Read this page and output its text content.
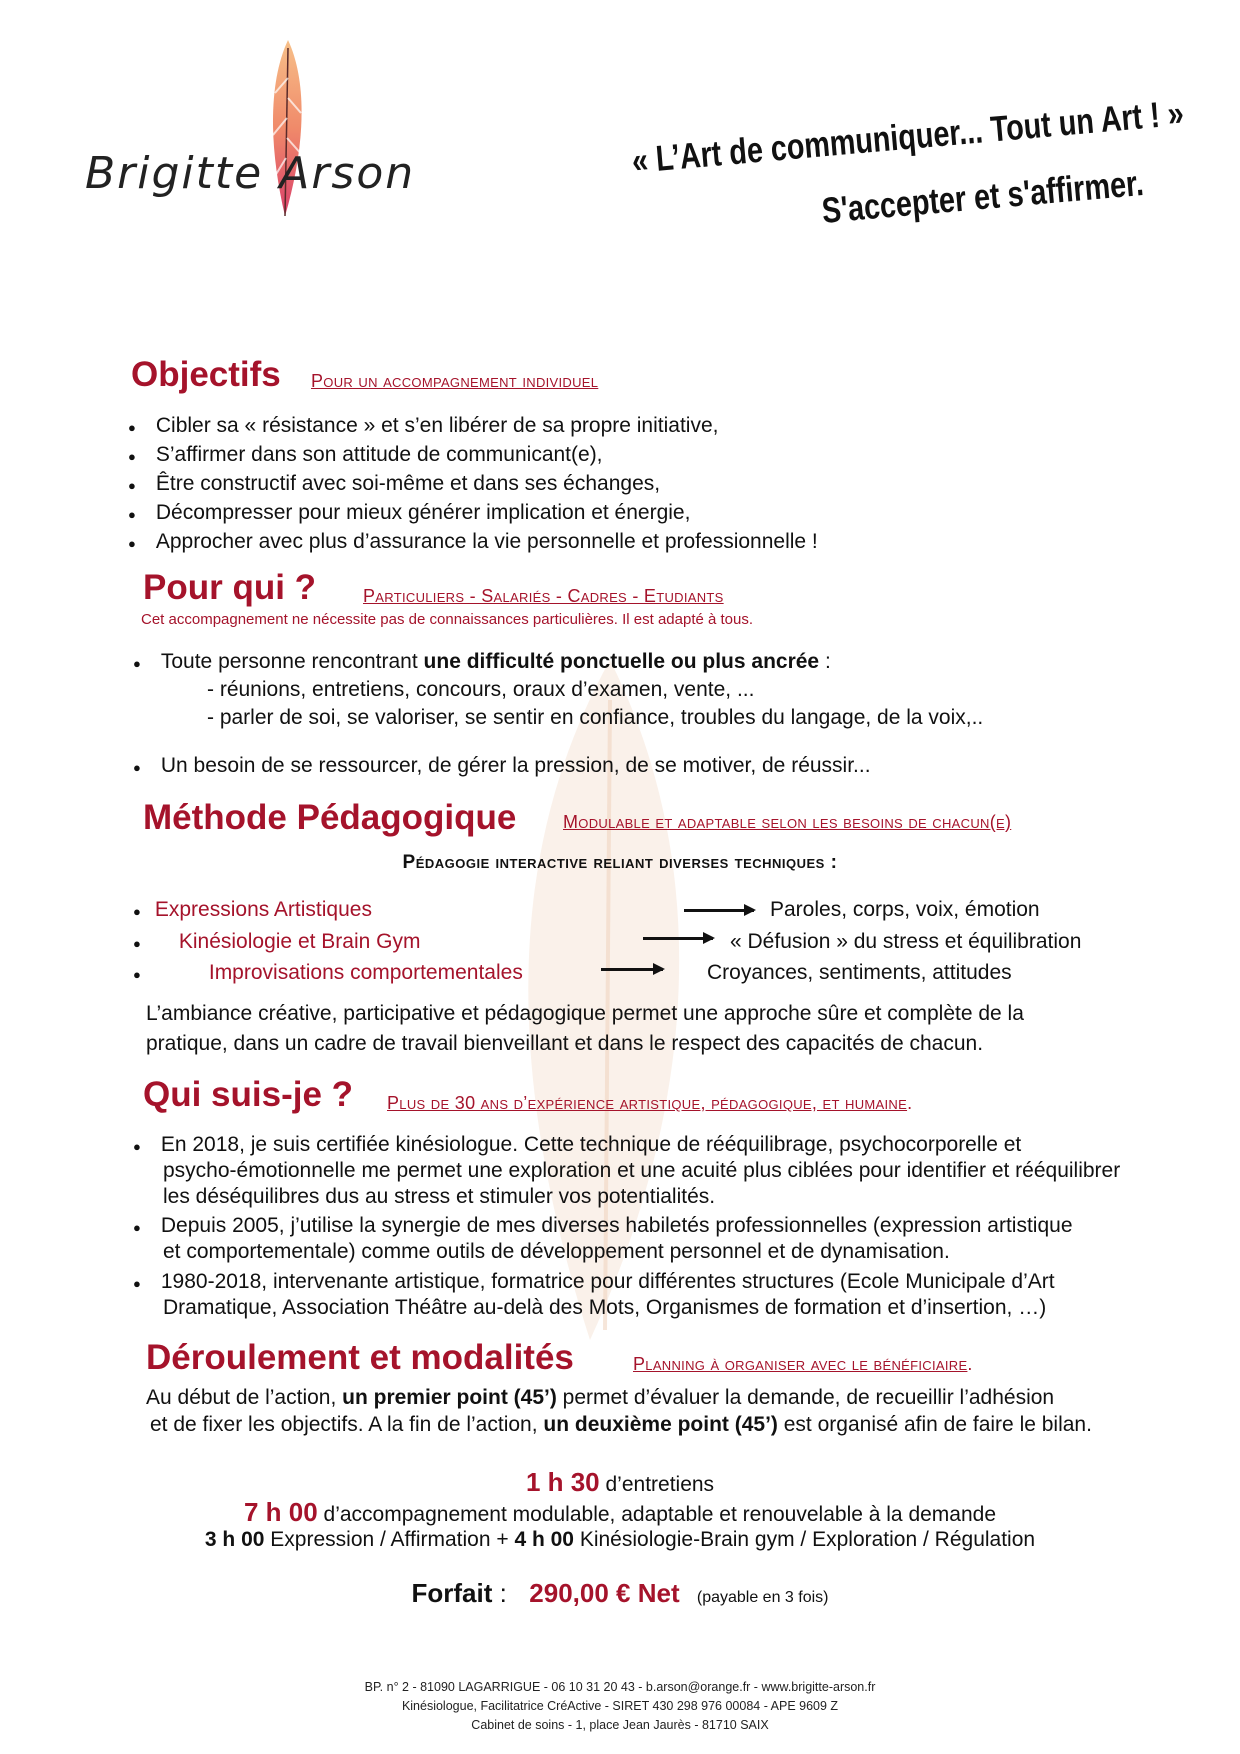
Brigitte Arson	« L’Art de communiquer... Tout un Art ! »
S'accepter et s'affirmer.
Objectifs Pour un accompagnement individuel
● Cibler sa « résistance » et s’en libérer de sa propre initiative,
● S’affirmer dans son attitude de communicant(e),
● Être constructif avec soi-même et dans ses échanges,
● Décompresser pour mieux générer implication et énergie,
● Approcher avec plus d’assurance la vie personnelle et professionnelle !
Pour qui ?	Particuliers - Salariés - Cadres - Etudiants
Cet accompagnement ne nécessite pas de connaissances particulières. Il est adapté à tous.
● Toute personne rencontrant une difficulté ponctuelle ou plus ancrée :
- réunions, entretiens, concours, oraux d’examen, vente, ...
- parler de soi, se valoriser, se sentir en confiance, troubles du langage, de la voix,..
● Un besoin de se ressourcer, de gérer la pression, de se motiver, de réussir...
Méthode Pédagogique	Modulable et adaptable selon les besoins de chacun(e)
Pédagogie interactive reliant diverses techniques :
● Expressions Artistiques	Paroles, corps, voix, émotion
● Kinésiologie et Brain Gym	« Défusion » du stress et équilibration
●	Improvisations comportementales	Croyances, sentiments, attitudes
L’ambiance créative, participative et pédagogique permet une approche sûre et complète de la
pratique, dans un cadre de travail bienveillant et dans le respect des capacités de chacun.
Qui suis-je ? Plus de 30 ans d’expérience artistique, pédagogique, et humaine.
● En 2018, je suis certifiée kinésiologue. Cette technique de rééquilibrage, psychocorporelle et
psycho-émotionnelle me permet une exploration et une acuité plus ciblées pour identifier et rééquilibrer
les déséquilibres dus au stress et stimuler vos potentialités.
● Depuis 2005, j’utilise la synergie de mes diverses habiletés professionnelles (expression artistique
et comportementale) comme outils de développement personnel et de dynamisation.
● 1980-2018, intervenante artistique, formatrice pour différentes structures (Ecole Municipale d’Art
Dramatique, Association Théâtre au-delà des Mots, Organismes de formation et d’insertion, …)
Déroulement et modalités	Planning à organiser avec le bénéficiaire.
Au début de l’action, un premier point (45’) permet d’évaluer la demande, de recueillir l’adhésion
et de fixer les objectifs. A la fin de l’action, un deuxième point (45’) est organisé afin de faire le bilan.
1 h 30 d’entretiens
7 h 00 d’accompagnement modulable, adaptable et renouvelable à la demande
3 h 00 Expression / Affirmation + 4 h 00 Kinésiologie-Brain gym / Exploration / Régulation
Forfait :  290,00 € Net (payable en 3 fois)
BP. n° 2 - 81090 LAGARRIGUE - 06 10 31 20 43 - b.arson@orange.fr - www.brigitte-arson.fr
Kinésiologue, Facilitatrice CréActive - SIRET 430 298 976 00084 - APE 9609 Z
Cabinet de soins - 1, place Jean Jaurès - 81710 SAIX
